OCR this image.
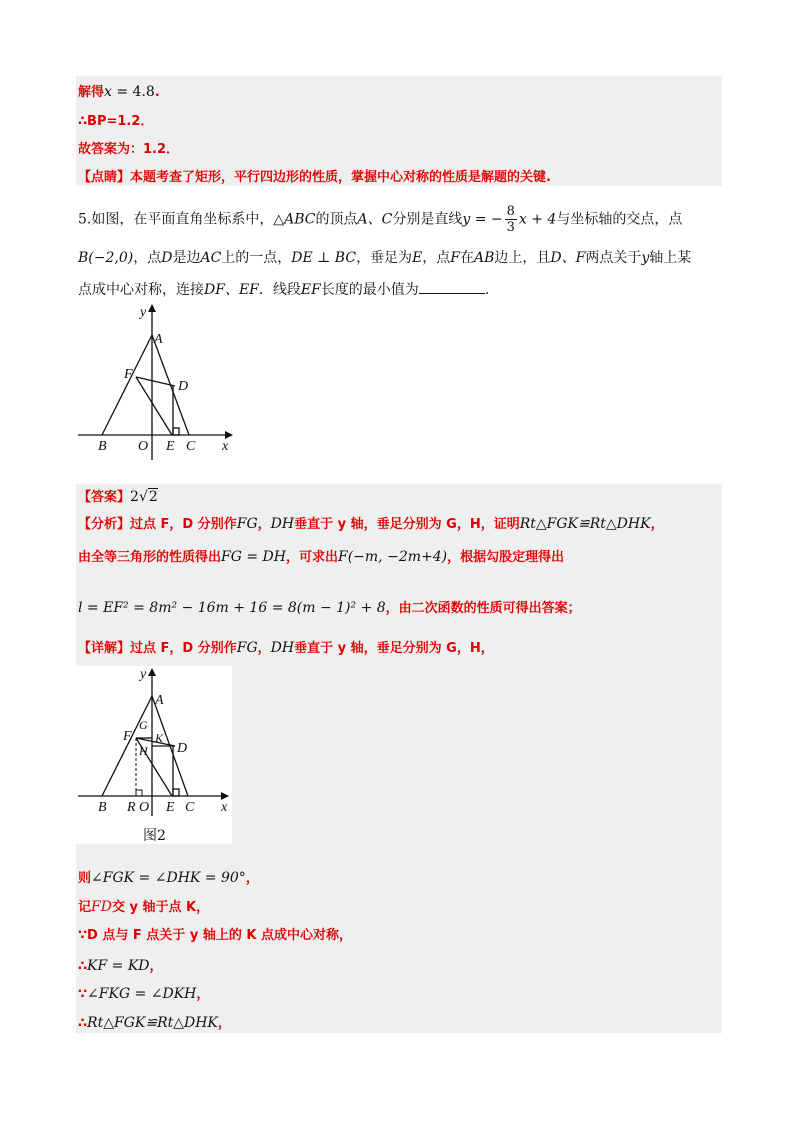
解得x = 4.8.
∴BP=1.2．
故答案为：1.2．
【点睛】本题考查了矩形，平行四边形的性质，掌握中心对称的性质是解题的关键.
5.如图，在平面直角坐标系中，△ABC的顶点A、C分别是直线y = − $\frac{8}{3}$ x + 4与坐标轴的交点，点
B(−2,0)，点D是边AC上的一点，DE ⊥ BC，垂足为E，点F在AB边上，且D、F两点关于y轴上某
点成中心对称，连接DF、EF．线段EF长度的最小值为	.
y
A
F
D
B O E C x
【答案】2√2
【分析】过点 F，D 分别作FG，DH垂直于 y 轴，垂足分别为 G，H，证明Rt△FGK≌Rt△DHK，
由全等三角形的性质得出FG = DH，可求出F(−m, −2m+4)，根据勾股定理得出
l = EF² = 8m² − 16m + 16 = 8(m − 1)² + 8，由二次函数的性质可得出答案；
【详解】过点 F，D 分别作FG，DH垂直于 y 轴，垂足分别为 G，H，
y
A
G
F K
H D
B R O E C x
图2
则∠FGK = ∠DHK = 90°，
记FD交 y 轴于点 K，
∵D 点与 F 点关于 y 轴上的 K 点成中心对称，
∴KF = KD，
∵∠FKG = ∠DKH，
∴Rt△FGK≌Rt△DHK，
